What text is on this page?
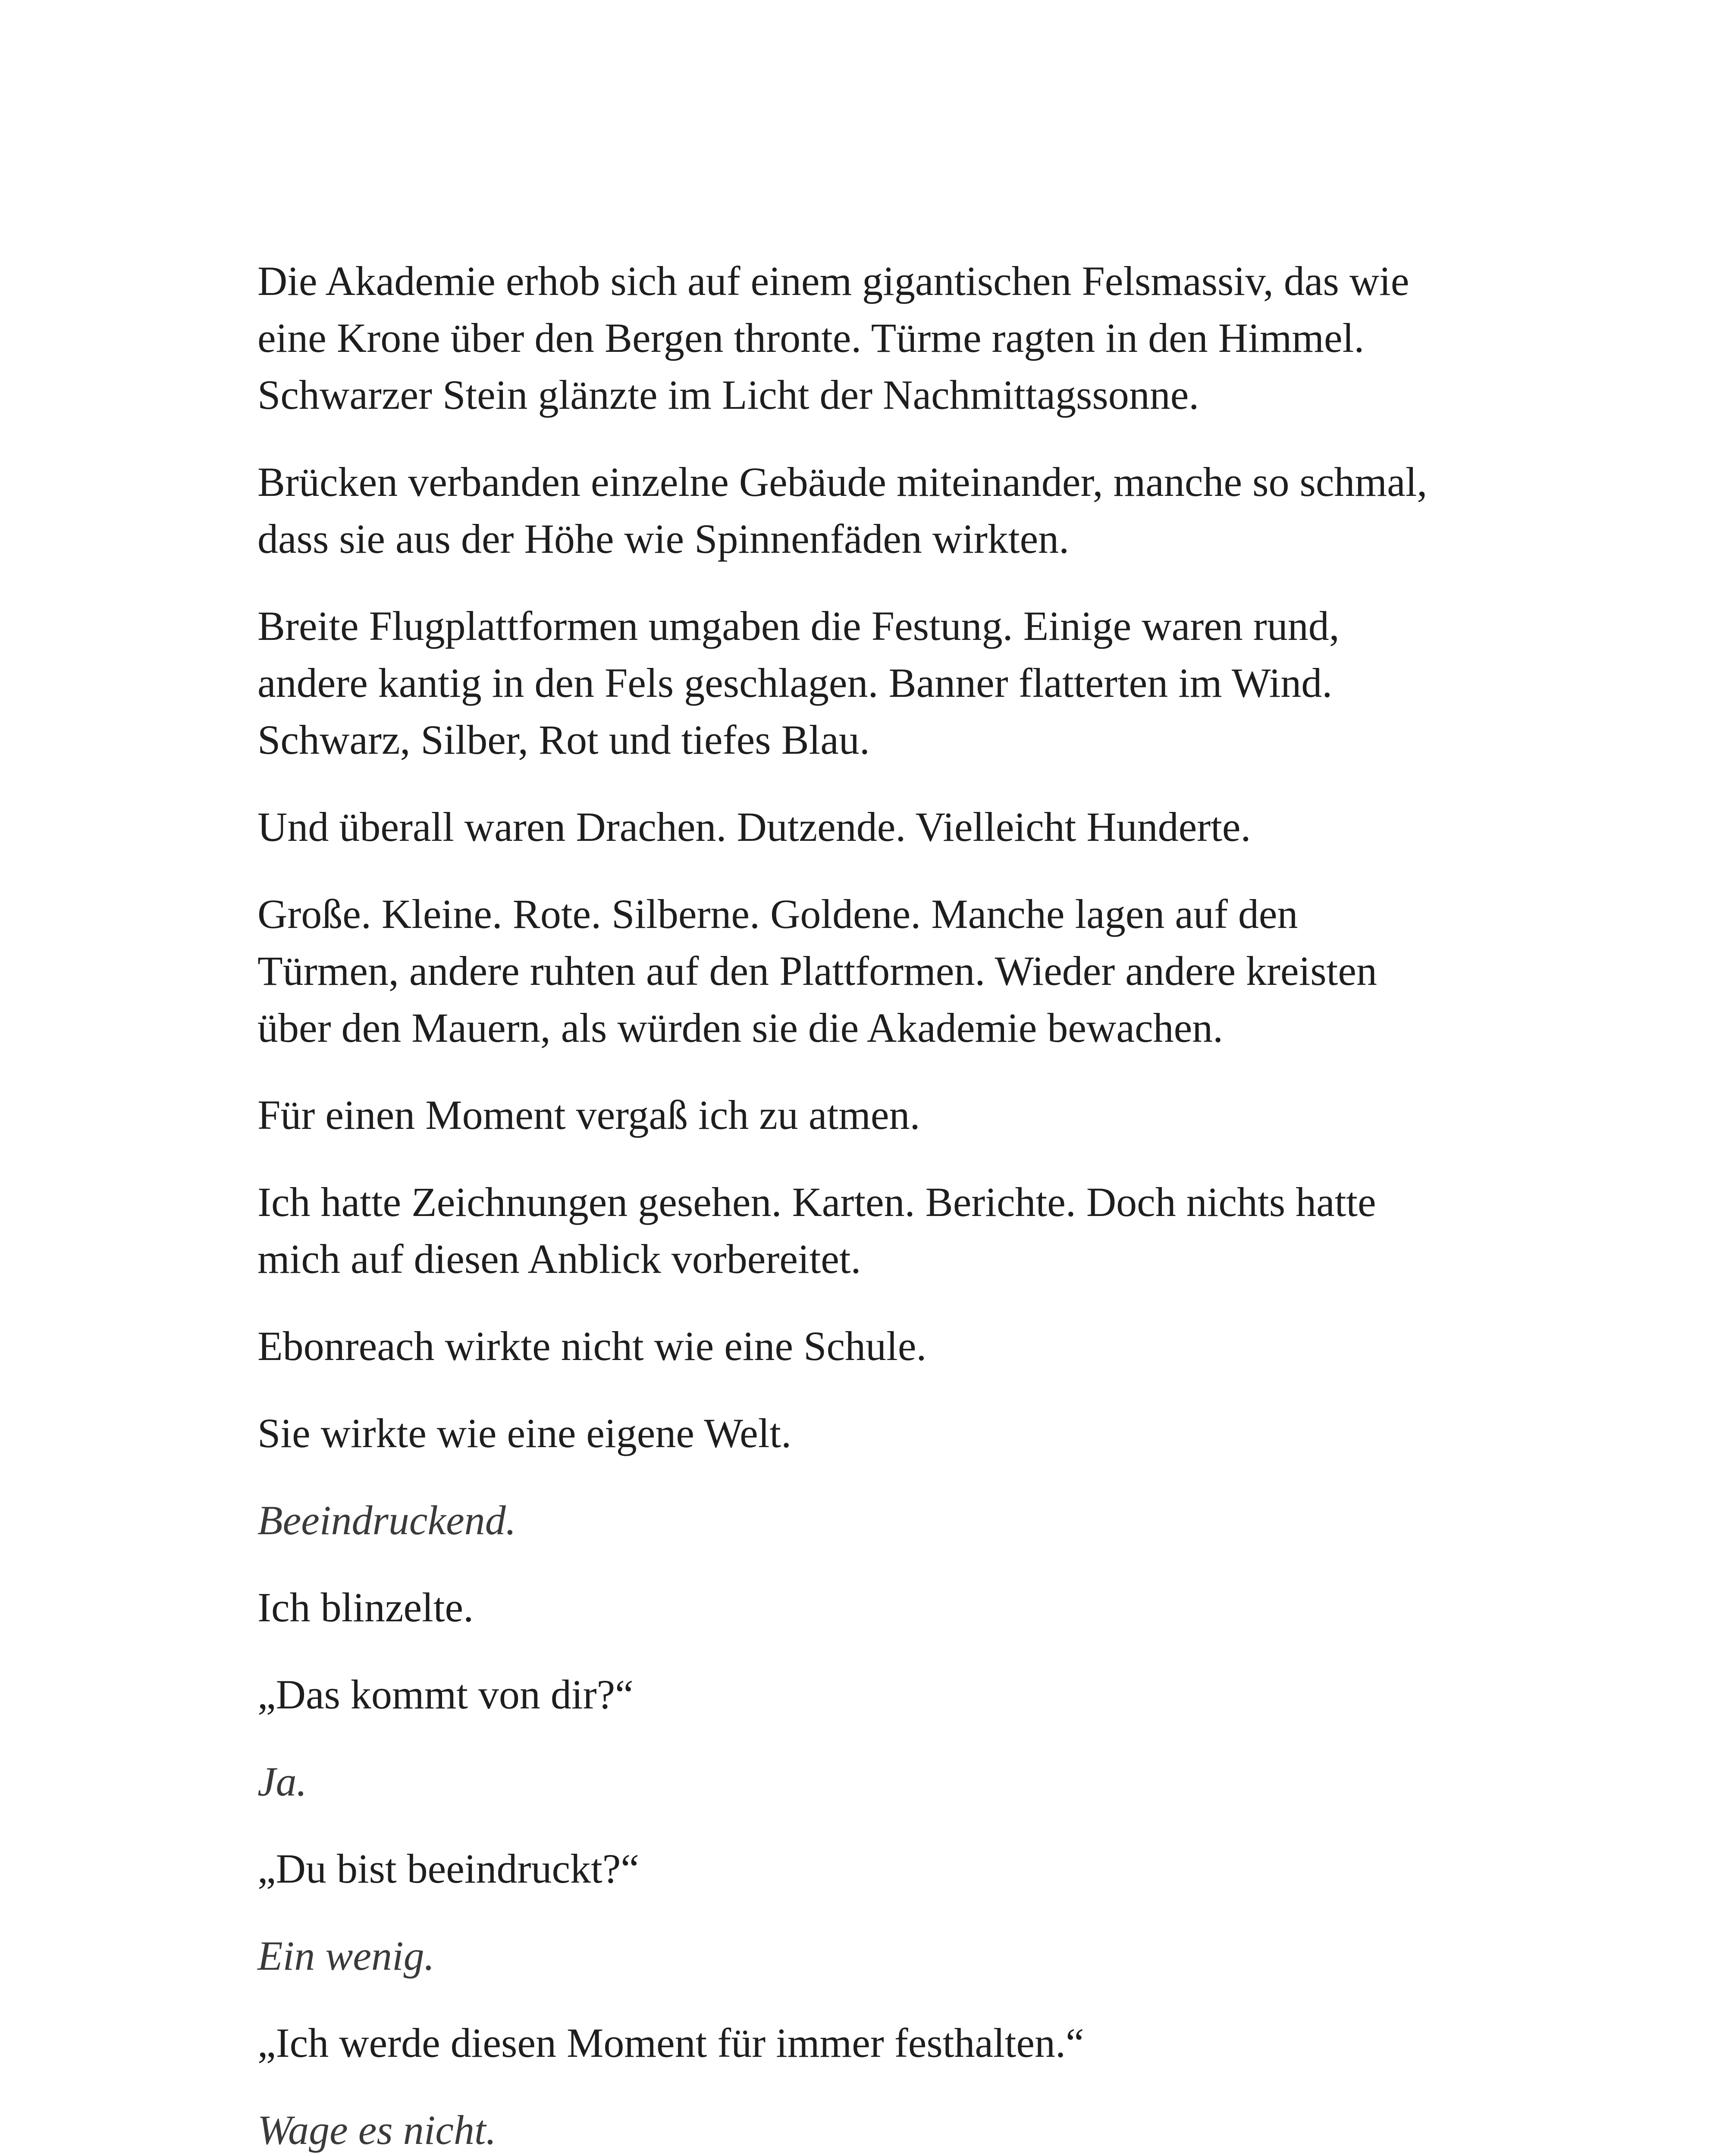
Die Akademie erhob sich auf einem gigantischen Felsmassiv, das wie
eine Krone über den Bergen thronte. Türme ragten in den Himmel.
Schwarzer Stein glänzte im Licht der Nachmittagssonne.

Brücken verbanden einzelne Gebäude miteinander, manche so schmal,
dass sie aus der Höhe wie Spinnenfäden wirkten.

Breite Flugplattformen umgaben die Festung. Einige waren rund,
andere kantig in den Fels geschlagen. Banner flatterten im Wind.
Schwarz, Silber, Rot und tiefes Blau.

Und überall waren Drachen. Dutzende. Vielleicht Hunderte.

Große. Kleine. Rote. Silberne. Goldene. Manche lagen auf den
Türmen, andere ruhten auf den Plattformen. Wieder andere kreisten
über den Mauern, als würden sie die Akademie bewachen.

Für einen Moment vergaß ich zu atmen.

Ich hatte Zeichnungen gesehen. Karten. Berichte. Doch nichts hatte
mich auf diesen Anblick vorbereitet.

Ebonreach wirkte nicht wie eine Schule.

Sie wirkte wie eine eigene Welt.

Beeindruckend.

Ich blinzelte.

„Das kommt von dir?“

Ja.

„Du bist beeindruckt?“

Ein wenig.

„Ich werde diesen Moment für immer festhalten.“

Wage es nicht.
